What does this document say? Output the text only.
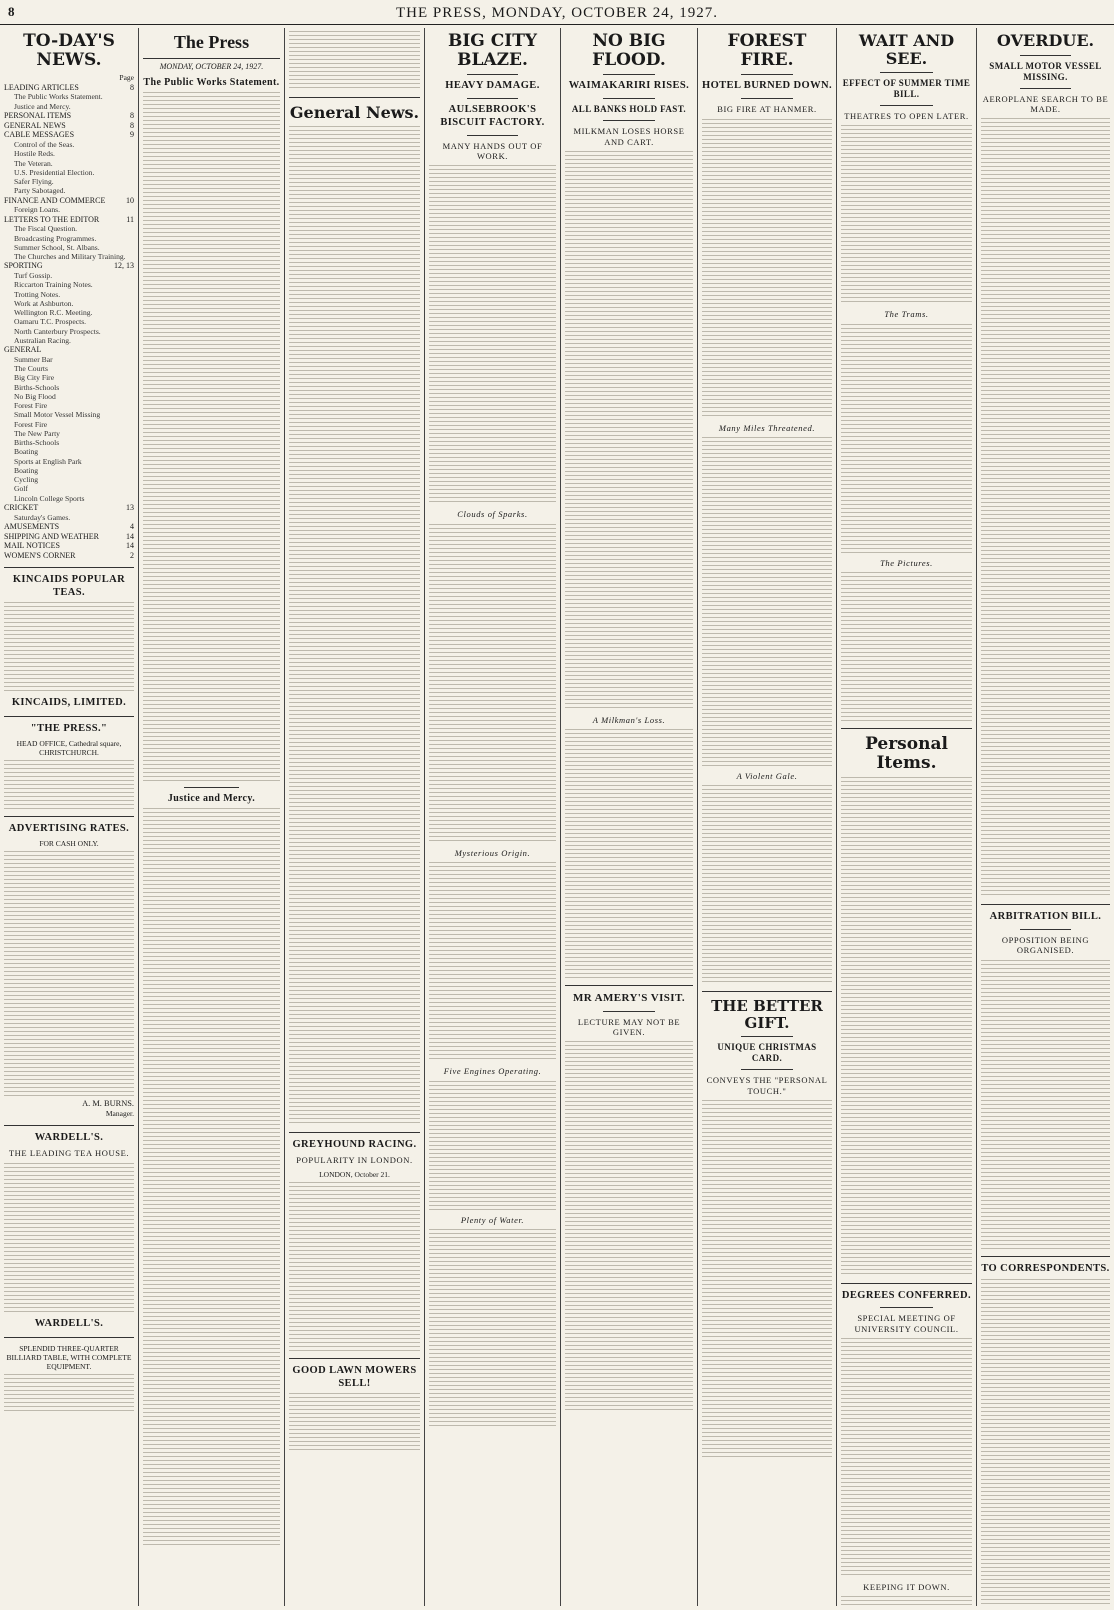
8	THE PRESS, MONDAY, OCTOBER 24, 1927.
TO-DAY'S NEWS.
Page
LEADING ARTICLES	8
The Public Works Statement.
Justice and Mercy.
PERSONAL ITEMS	8
GENERAL NEWS	8
CABLE MESSAGES	9
Control of the Seas.
Hostile Reds.
The Veteran.
U.S. Presidential Election.
Safer Flying.
Party Sabotaged.
FINANCE AND COMMERCE	10
Foreign Loans.
LETTERS TO THE EDITOR	11
The Fiscal Question.
Broadcasting Programmes.
Summer School, St. Albans.
The Churches and Military Training.
SPORTING	12, 13
Turf Gossip.
Riccarton Training Notes.
Trotting Notes.
Work at Ashburton.
Wellington R.C. Meeting.
Oamaru T.C. Prospects.
North Canterbury Prospects.
Australian Racing.
GENERAL
Summer Bar
The Courts
Big City Fire
Births-Schools
No Big Flood
Forest Fire
Small Motor Vessel Missing
Forest Fire
The New Party
Births-Schools
Boating
Sports at English Park
Boating
Cycling
Golf
Lincoln College Sports
CRICKET	13
Saturday's Games.
AMUSEMENTS	4
SHIPPING AND WEATHER	14
MAIL NOTICES	14
WOMEN'S CORNER	2
KINCAIDS POPULAR TEAS.
KINCAIDS, LIMITED.
"THE PRESS."
HEAD OFFICE, Cathedral square, CHRISTCHURCH.
ADVERTISING RATES.
FOR CASH ONLY.
A. M. BURNS.
Manager.
WARDELL'S.
THE LEADING TEA HOUSE.
WARDELL'S.
SPLENDID THREE-QUARTER BILLIARD TABLE, WITH COMPLETE EQUIPMENT.
The Press
MONDAY, OCTOBER 24, 1927.
The Public Works Statement.
Justice and Mercy.
General News.
GREYHOUND RACING.
POPULARITY IN LONDON.
LONDON, October 21.
GOOD LAWN MOWERS SELL!
BIG CITY BLAZE.
HEAVY DAMAGE.
AULSEBROOK'S BISCUIT FACTORY.
MANY HANDS OUT OF WORK.
Clouds of Sparks.
Mysterious Origin.
Five Engines Operating.
Plenty of Water.
NO BIG FLOOD.
WAIMAKARIRI RISES.
ALL BANKS HOLD FAST.
MILKMAN LOSES HORSE AND CART.
A Milkman's Loss.
MR AMERY'S VISIT.
LECTURE MAY NOT BE GIVEN.
FOREST FIRE.
HOTEL BURNED DOWN.
BIG FIRE AT HANMER.
Many Miles Threatened.
A Violent Gale.
THE BETTER GIFT.
UNIQUE CHRISTMAS CARD.
CONVEYS THE "PERSONAL TOUCH."
WAIT AND SEE.
EFFECT OF SUMMER TIME BILL.
THEATRES TO OPEN LATER.
The Trams.
The Pictures.
Personal Items.
DEGREES CONFERRED.
SPECIAL MEETING OF UNIVERSITY COUNCIL.
KEEPING IT DOWN.
OVERDUE.
SMALL MOTOR VESSEL MISSING.
AEROPLANE SEARCH TO BE MADE.
ARBITRATION BILL.
OPPOSITION BEING ORGANISED.
TO CORRESPONDENTS.
